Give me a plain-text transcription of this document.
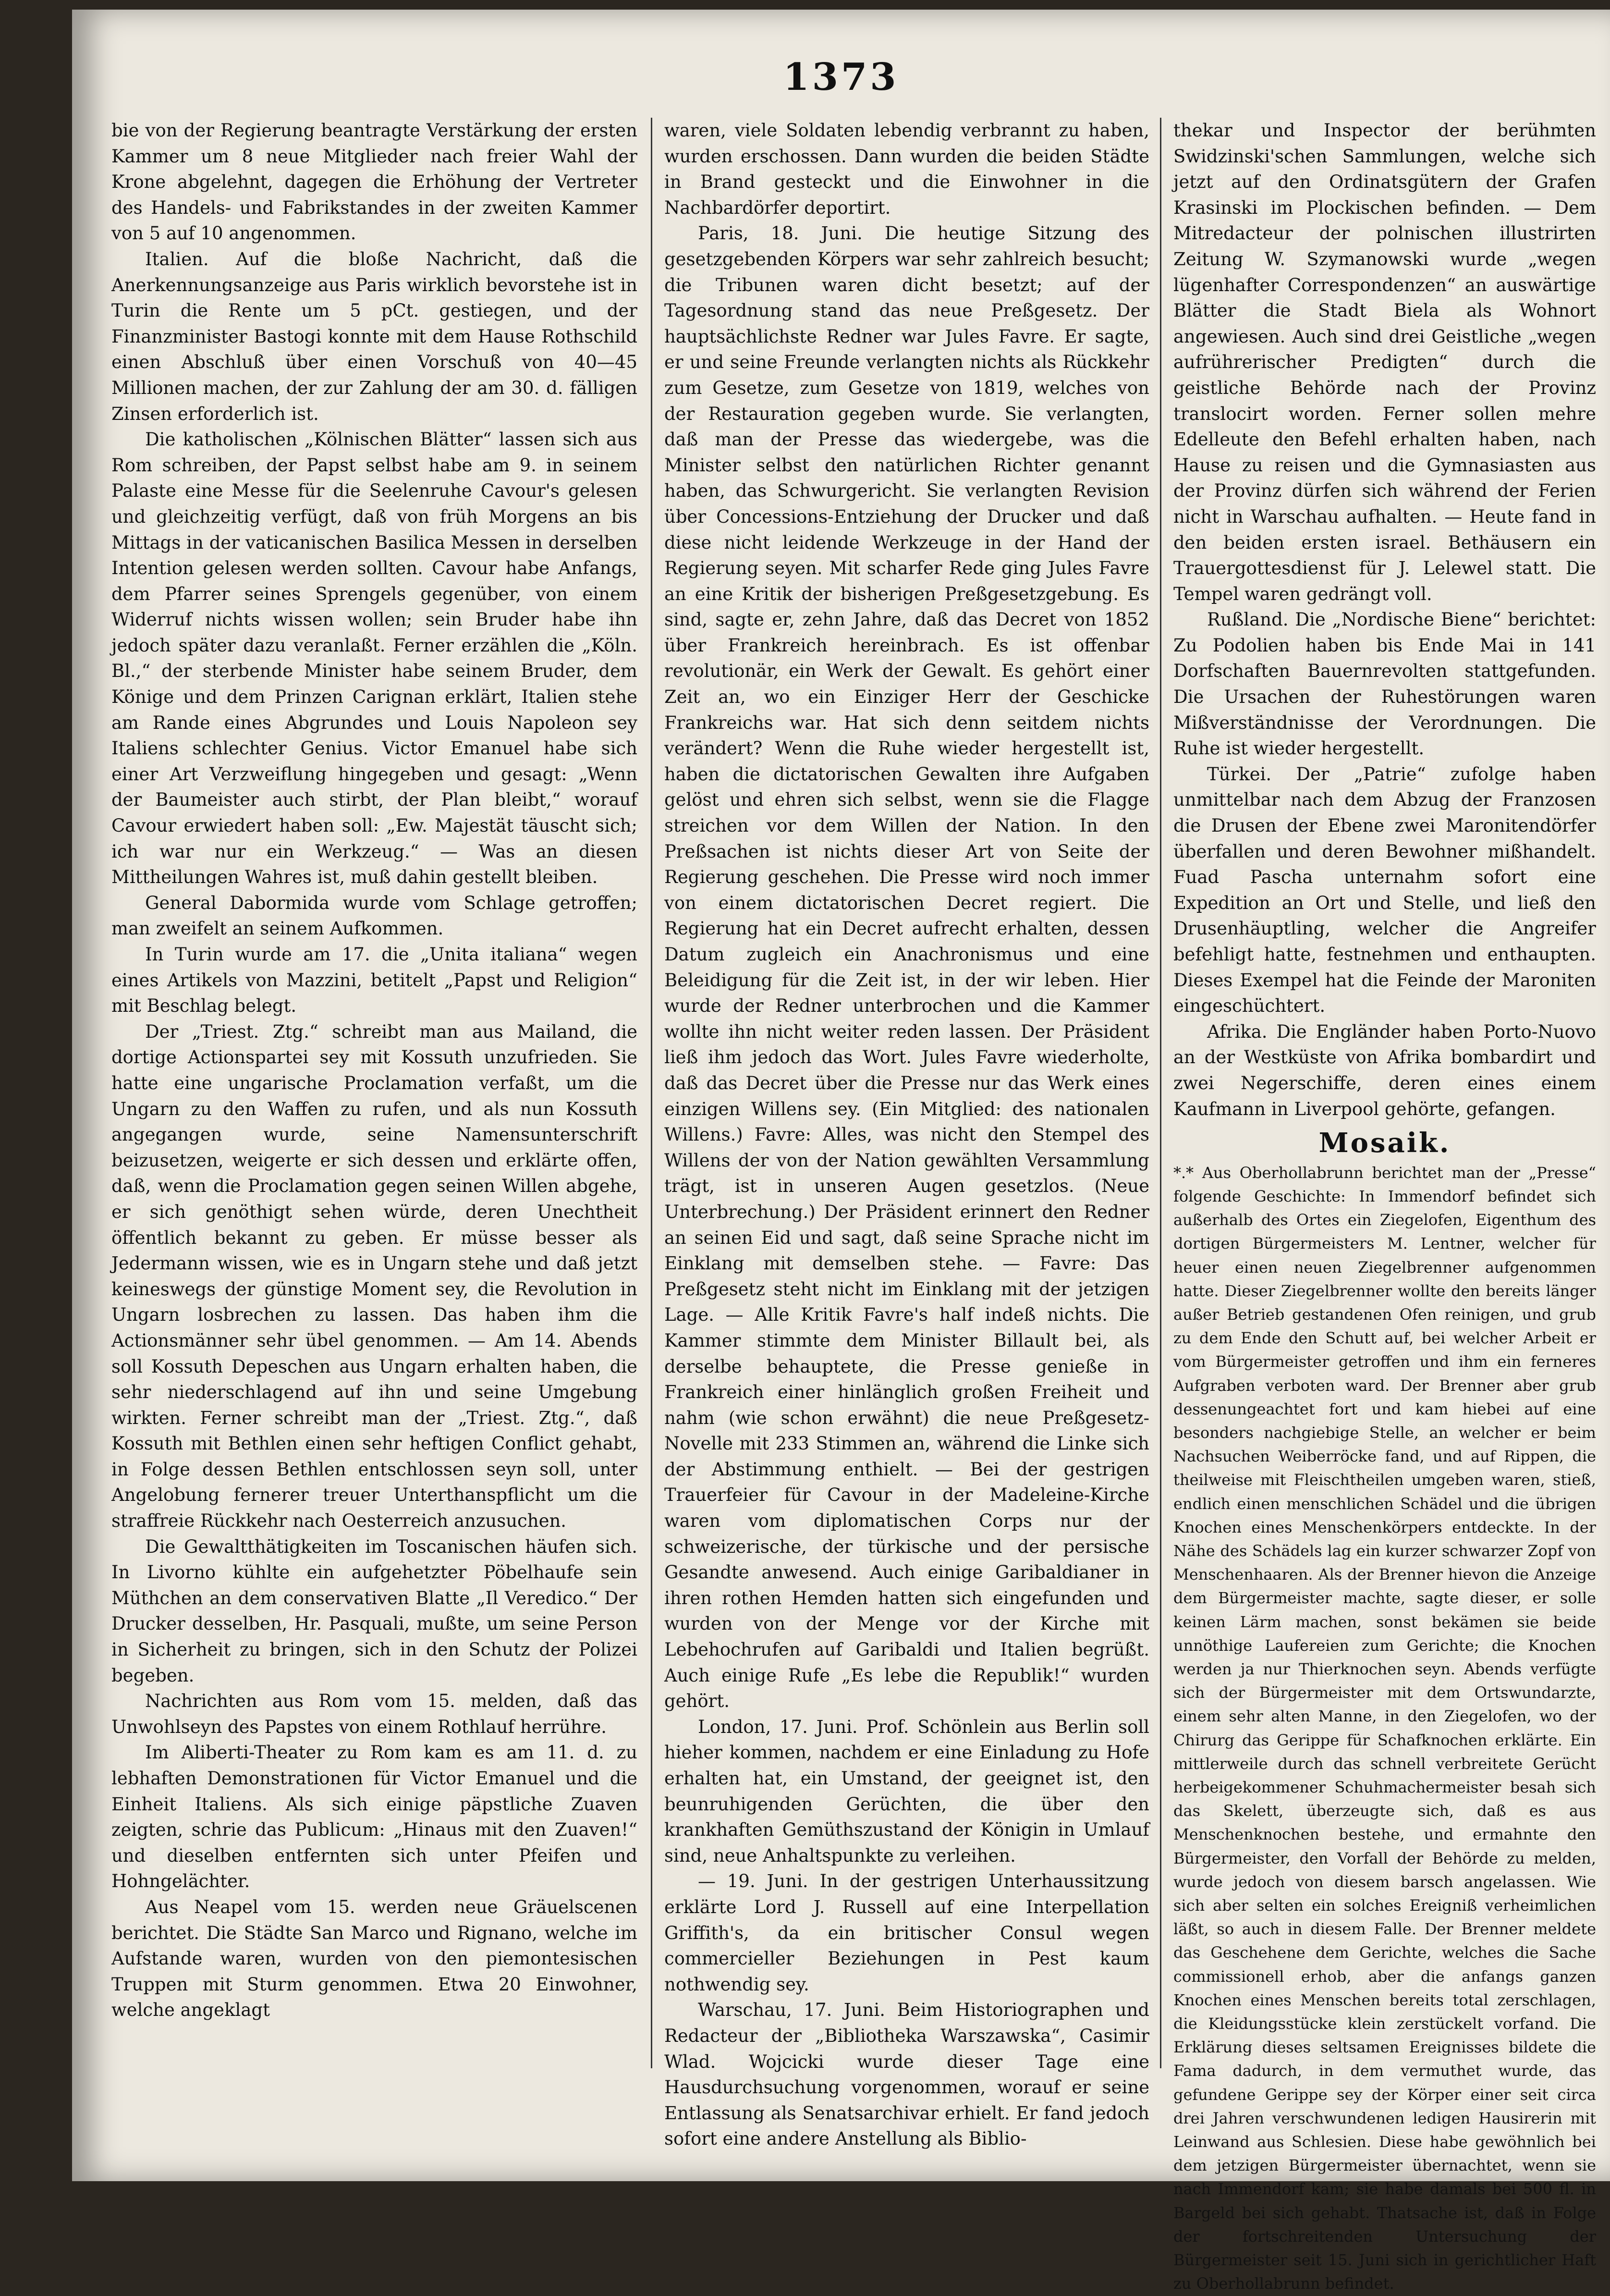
1373

bie von der Regierung beantragte Verstärkung der ersten Kammer um 8 neue Mitglieder nach freier Wahl der Krone abgelehnt, dagegen die Erhöhung der Vertreter des Handels- und Fabrikstandes in der zweiten Kammer von 5 auf 10 angenommen.

Italien. Auf die bloße Nachricht, daß die Anerkennungsanzeige aus Paris wirklich bevorstehe ist in Turin die Rente um 5 pCt. gestiegen, und der Finanzminister Bastogi konnte mit dem Hause Rothschild einen Abschluß über einen Vorschuß von 40—45 Millionen machen, der zur Zahlung der am 30. d. fälligen Zinsen erforderlich ist.

Die katholischen „Kölnischen Blätter“ lassen sich aus Rom schreiben, der Papst selbst habe am 9. in seinem Palaste eine Messe für die Seelenruhe Cavour's gelesen und gleichzeitig verfügt, daß von früh Morgens an bis Mittags in der vaticanischen Basilica Messen in derselben Intention gelesen werden sollten. Cavour habe Anfangs, dem Pfarrer seines Sprengels gegenüber, von einem Widerruf nichts wissen wollen; sein Bruder habe ihn jedoch später dazu veranlaßt. Ferner erzählen die „Köln. Bl.,“ der sterbende Minister habe seinem Bruder, dem Könige und dem Prinzen Carignan erklärt, Italien stehe am Rande eines Abgrundes und Louis Napoleon sey Italiens schlechter Genius. Victor Emanuel habe sich einer Art Verzweiflung hingegeben und gesagt: „Wenn der Baumeister auch stirbt, der Plan bleibt,“ worauf Cavour erwiedert haben soll: „Ew. Majestät täuscht sich; ich war nur ein Werkzeug.“ — Was an diesen Mittheilungen Wahres ist, muß dahin gestellt bleiben.

General Dabormida wurde vom Schlage getroffen; man zweifelt an seinem Aufkommen.

In Turin wurde am 17. die „Unita italiana“ wegen eines Artikels von Mazzini, betitelt „Papst und Religion“ mit Beschlag belegt.

Der „Triest. Ztg.“ schreibt man aus Mailand, die dortige Actionspartei sey mit Kossuth unzufrieden. Sie hatte eine ungarische Proclamation verfaßt, um die Ungarn zu den Waffen zu rufen, und als nun Kossuth angegangen wurde, seine Namensunterschrift beizusetzen, weigerte er sich dessen und erklärte offen, daß, wenn die Proclamation gegen seinen Willen abgehe, er sich genöthigt sehen würde, deren Unechtheit öffentlich bekannt zu geben. Er müsse besser als Jedermann wissen, wie es in Ungarn stehe und daß jetzt keineswegs der günstige Moment sey, die Revolution in Ungarn losbrechen zu lassen. Das haben ihm die Actionsmänner sehr übel genommen. — Am 14. Abends soll Kossuth Depeschen aus Ungarn erhalten haben, die sehr niederschlagend auf ihn und seine Umgebung wirkten. Ferner schreibt man der „Triest. Ztg.“, daß Kossuth mit Bethlen einen sehr heftigen Conflict gehabt, in Folge dessen Bethlen entschlossen seyn soll, unter Angelobung fernerer treuer Unterthanspflicht um die straffreie Rückkehr nach Oesterreich anzusuchen.

Die Gewaltthätigkeiten im Toscanischen häufen sich. In Livorno kühlte ein aufgehetzter Pöbelhaufe sein Müthchen an dem conservativen Blatte „Il Veredico.“ Der Drucker desselben, Hr. Pasquali, mußte, um seine Person in Sicherheit zu bringen, sich in den Schutz der Polizei begeben.

Nachrichten aus Rom vom 15. melden, daß das Unwohlseyn des Papstes von einem Rothlauf herrühre.

Im Aliberti-Theater zu Rom kam es am 11. d. zu lebhaften Demonstrationen für Victor Emanuel und die Einheit Italiens. Als sich einige päpstliche Zuaven zeigten, schrie das Publicum: „Hinaus mit den Zuaven!“ und dieselben entfernten sich unter Pfeifen und Hohngelächter.

Aus Neapel vom 15. werden neue Gräuelscenen berichtet. Die Städte San Marco und Rignano, welche im Aufstande waren, wurden von den piemontesischen Truppen mit Sturm genommen. Etwa 20 Einwohner, welche angeklagt

waren, viele Soldaten lebendig verbrannt zu haben, wurden erschossen. Dann wurden die beiden Städte in Brand gesteckt und die Einwohner in die Nachbardörfer deportirt.

Paris, 18. Juni. Die heutige Sitzung des gesetzgebenden Körpers war sehr zahlreich besucht; die Tribunen waren dicht besetzt; auf der Tagesordnung stand das neue Preßgesetz. Der hauptsächlichste Redner war Jules Favre. Er sagte, er und seine Freunde verlangten nichts als Rückkehr zum Gesetze, zum Gesetze von 1819, welches von der Restauration gegeben wurde. Sie verlangten, daß man der Presse das wiedergebe, was die Minister selbst den natürlichen Richter genannt haben, das Schwurgericht. Sie verlangten Revision über Concessions-Entziehung der Drucker und daß diese nicht leidende Werkzeuge in der Hand der Regierung seyen. Mit scharfer Rede ging Jules Favre an eine Kritik der bisherigen Preßgesetzgebung. Es sind, sagte er, zehn Jahre, daß das Decret von 1852 über Frankreich hereinbrach. Es ist offenbar revolutionär, ein Werk der Gewalt. Es gehört einer Zeit an, wo ein Einziger Herr der Geschicke Frankreichs war. Hat sich denn seitdem nichts verändert? Wenn die Ruhe wieder hergestellt ist, haben die dictatorischen Gewalten ihre Aufgaben gelöst und ehren sich selbst, wenn sie die Flagge streichen vor dem Willen der Nation. In den Preßsachen ist nichts dieser Art von Seite der Regierung geschehen. Die Presse wird noch immer von einem dictatorischen Decret regiert. Die Regierung hat ein Decret aufrecht erhalten, dessen Datum zugleich ein Anachronismus und eine Beleidigung für die Zeit ist, in der wir leben. Hier wurde der Redner unterbrochen und die Kammer wollte ihn nicht weiter reden lassen. Der Präsident ließ ihm jedoch das Wort. Jules Favre wiederholte, daß das Decret über die Presse nur das Werk eines einzigen Willens sey. (Ein Mitglied: des nationalen Willens.) Favre: Alles, was nicht den Stempel des Willens der von der Nation gewählten Versammlung trägt, ist in unseren Augen gesetzlos. (Neue Unterbrechung.) Der Präsident erinnert den Redner an seinen Eid und sagt, daß seine Sprache nicht im Einklang mit demselben stehe. — Favre: Das Preßgesetz steht nicht im Einklang mit der jetzigen Lage. — Alle Kritik Favre's half indeß nichts. Die Kammer stimmte dem Minister Billault bei, als derselbe behauptete, die Presse genieße in Frankreich einer hinlänglich großen Freiheit und nahm (wie schon erwähnt) die neue Preßgesetz-Novelle mit 233 Stimmen an, während die Linke sich der Abstimmung enthielt. — Bei der gestrigen Trauerfeier für Cavour in der Madeleine-Kirche waren vom diplomatischen Corps nur der schweizerische, der türkische und der persische Gesandte anwesend. Auch einige Garibaldianer in ihren rothen Hemden hatten sich eingefunden und wurden von der Menge vor der Kirche mit Lebehochrufen auf Garibaldi und Italien begrüßt. Auch einige Rufe „Es lebe die Republik!“ wurden gehört.

London, 17. Juni. Prof. Schönlein aus Berlin soll hieher kommen, nachdem er eine Einladung zu Hofe erhalten hat, ein Umstand, der geeignet ist, den beunruhigenden Gerüchten, die über den krankhaften Gemüthszustand der Königin in Umlauf sind, neue Anhaltspunkte zu verleihen.

— 19. Juni. In der gestrigen Unterhaussitzung erklärte Lord J. Russell auf eine Interpellation Griffith's, da ein britischer Consul wegen commercieller Beziehungen in Pest kaum nothwendig sey.

Warschau, 17. Juni. Beim Historiographen und Redacteur der „Bibliotheka Warszawska“, Casimir Wlad. Wojcicki wurde dieser Tage eine Hausdurchsuchung vorgenommen, worauf er seine Entlassung als Senatsarchivar erhielt. Er fand jedoch sofort eine andere Anstellung als Biblio-

thekar und Inspector der berühmten Swidzinski'schen Sammlungen, welche sich jetzt auf den Ordinatsgütern der Grafen Krasinski im Plockischen befinden. — Dem Mitredacteur der polnischen illustrirten Zeitung W. Szymanowski wurde „wegen lügenhafter Correspondenzen“ an auswärtige Blätter die Stadt Biela als Wohnort angewiesen. Auch sind drei Geistliche „wegen aufrührerischer Predigten“ durch die geistliche Behörde nach der Provinz translocirt worden. Ferner sollen mehre Edelleute den Befehl erhalten haben, nach Hause zu reisen und die Gymnasiasten aus der Provinz dürfen sich während der Ferien nicht in Warschau aufhalten. — Heute fand in den beiden ersten israel. Bethäusern ein Trauergottesdienst für J. Lelewel statt. Die Tempel waren gedrängt voll.

Rußland. Die „Nordische Biene“ berichtet: Zu Podolien haben bis Ende Mai in 141 Dorfschaften Bauernrevolten stattgefunden. Die Ursachen der Ruhestörungen waren Mißverständnisse der Verordnungen. Die Ruhe ist wieder hergestellt.

Türkei. Der „Patrie“ zufolge haben unmittelbar nach dem Abzug der Franzosen die Drusen der Ebene zwei Maronitendörfer überfallen und deren Bewohner mißhandelt. Fuad Pascha unternahm sofort eine Expedition an Ort und Stelle, und ließ den Drusenhäuptling, welcher die Angreifer befehligt hatte, festnehmen und enthaupten. Dieses Exempel hat die Feinde der Maroniten eingeschüchtert.

Afrika. Die Engländer haben Porto-Nuovo an der Westküste von Afrika bombardirt und zwei Negerschiffe, deren eines einem Kaufmann in Liverpool gehörte, gefangen.

Mosaik.

*.* Aus Oberhollabrunn berichtet man der „Presse“ folgende Geschichte: In Immendorf befindet sich außerhalb des Ortes ein Ziegelofen, Eigenthum des dortigen Bürgermeisters M. Lentner, welcher für heuer einen neuen Ziegelbrenner aufgenommen hatte. Dieser Ziegelbrenner wollte den bereits länger außer Betrieb gestandenen Ofen reinigen, und grub zu dem Ende den Schutt auf, bei welcher Arbeit er vom Bürgermeister getroffen und ihm ein ferneres Aufgraben verboten ward. Der Brenner aber grub dessenungeachtet fort und kam hiebei auf eine besonders nachgiebige Stelle, an welcher er beim Nachsuchen Weiberröcke fand, und auf Rippen, die theilweise mit Fleischtheilen umgeben waren, stieß, endlich einen menschlichen Schädel und die übrigen Knochen eines Menschenkörpers entdeckte. In der Nähe des Schädels lag ein kurzer schwarzer Zopf von Menschenhaaren. Als der Brenner hievon die Anzeige dem Bürgermeister machte, sagte dieser, er solle keinen Lärm machen, sonst bekämen sie beide unnöthige Laufereien zum Gerichte; die Knochen werden ja nur Thierknochen seyn. Abends verfügte sich der Bürgermeister mit dem Ortswundarzte, einem sehr alten Manne, in den Ziegelofen, wo der Chirurg das Gerippe für Schafknochen erklärte. Ein mittlerweile durch das schnell verbreitete Gerücht herbeigekommener Schuhmachermeister besah sich das Skelett, überzeugte sich, daß es aus Menschenknochen bestehe, und ermahnte den Bürgermeister, den Vorfall der Behörde zu melden, wurde jedoch von diesem barsch angelassen. Wie sich aber selten ein solches Ereigniß verheimlichen läßt, so auch in diesem Falle. Der Brenner meldete das Geschehene dem Gerichte, welches die Sache commissionell erhob, aber die anfangs ganzen Knochen eines Menschen bereits total zerschlagen, die Kleidungsstücke klein zerstückelt vorfand. Die Erklärung dieses seltsamen Ereignisses bildete die Fama dadurch, in dem vermuthet wurde, das gefundene Gerippe sey der Körper einer seit circa drei Jahren verschwundenen ledigen Hausirerin mit Leinwand aus Schlesien. Diese habe gewöhnlich bei dem jetzigen Bürgermeister übernachtet, wenn sie nach Immendorf kam; sie habe damals bei 500 fl. in Bargeld bei sich gehabt. Thatsache ist, daß in Folge der fortschreitenden Untersuchung der Bürgermeister seit 15. Juni sich in gerichtlicher Haft zu Oberhollabrunn befindet.
